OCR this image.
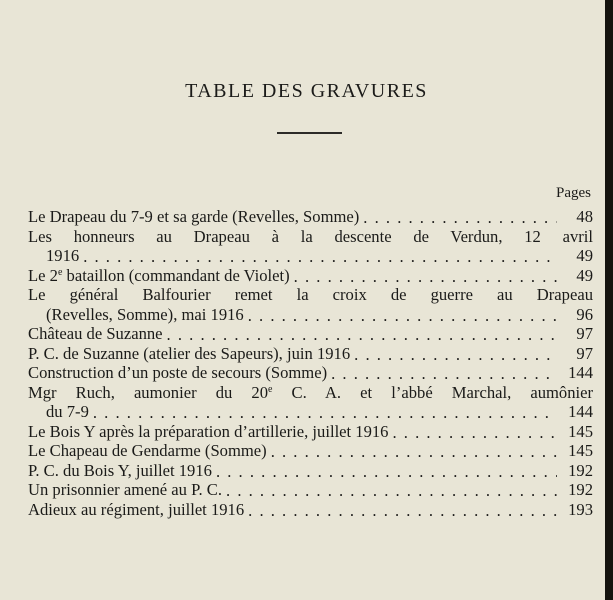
TABLE DES GRAVURES
Pages
Le Drapeau du 7-9 et sa garde (Revelles, Somme) . . .	48
Les honneurs au Drapeau à la descente de Verdun, 12 avril
1916 . . .	49
Le 2e bataillon (commandant de Violet) . . .	49
Le général Balfourier remet la croix de guerre au Drapeau
(Revelles, Somme), mai 1916 . . .	96
Château de Suzanne . . .	97
P. C. de Suzanne (atelier des Sapeurs), juin 1916 . . .	97
Construction d’un poste de secours (Somme) . . .	144
Mgr Ruch, aumonier du 20e C. A. et l’abbé Marchal, aumônier
du 7-9 . . .	144
Le Bois Y après la préparation d’artillerie, juillet 1916 . . .	145
Le Chapeau de Gendarme (Somme) . . .	145
P. C. du Bois Y, juillet 1916 . . .	192
Un prisonnier amené au P. C. . . .	192
Adieux au régiment, juillet 1916 . . .	193
